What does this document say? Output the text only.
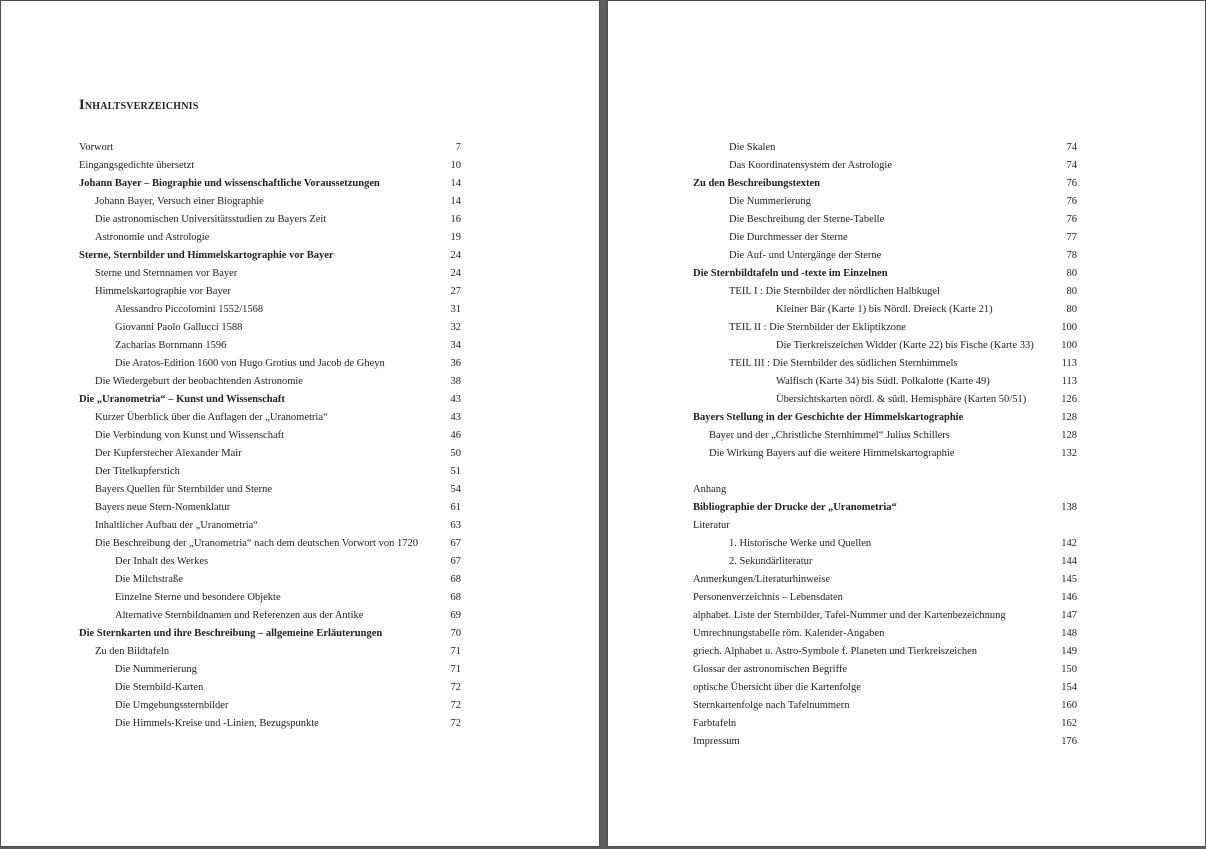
Inhaltsverzeichnis
Vorwort	7
Eingangsgedichte übersetzt	10
Johann Bayer – Biographie und wissenschaftliche Voraussetzungen	14
Johann Bayer, Versuch einer Biographie	14
Die astronomischen Universitätsstudien zu Bayers Zeit	16
Astronomie und Astrologie	19
Sterne, Sternbilder und Himmelskartographie vor Bayer	24
Sterne und Sternnamen vor Bayer	24
Himmelskartographie vor Bayer	27
Alessandro Piccolomini 1552/1568	31
Giovanni Paolo Gallucci 1588	32
Zacharias Bornmann 1596	34
Die Aratos-Edition 1600 von Hugo Grotius und Jacob de Gheyn	36
Die Wiedergeburt der beobachtenden Astronomie	38
Die „Uranometria“ – Kunst und Wissenschaft	43
Kurzer Überblick über die Auflagen der „Uranometria“	43
Die Verbindung von Kunst und Wissenschaft	46
Der Kupferstecher Alexander Mair	50
Der Titelkupferstich	51
Bayers Quellen für Sternbilder und Sterne	54
Bayers neue Stern-Nomenklatur	61
Inhaltlicher Aufbau der „Uranometria“	63
Die Beschreibung der „Uranometria“ nach dem deutschen Vorwort von 1720	67
Der Inhalt des Werkes	67
Die Milchstraße	68
Einzelne Sterne und besondere Objekte	68
Alternative Sternbildnamen und Referenzen aus der Antike	69
Die Sternkarten und ihre Beschreibung – allgemeine Erläuterungen	70
Zu den Bildtafeln	71
Die Nummerierung	71
Die Sternbild-Karten	72
Die Umgebungssternbilder	72
Die Himmels-Kreise und -Linien, Bezugspunkte	72
Die Skalen	74
Das Koordinatensystem der Astrologie	74
Zu den Beschreibungstexten	76
Die Nummerierung	76
Die Beschreibung der Sterne-Tabelle	76
Die Durchmesser der Sterne	77
Die Auf- und Untergänge der Sterne	78
Die Sternbildtafeln und -texte im Einzelnen	80
TEIL I : Die Sternbilder der nördlichen Halbkugel	80
Kleiner Bär (Karte 1) bis Nördl. Dreieck (Karte 21)	80
TEIL II : Die Sternbilder der Ekliptikzone	100
Die Tierkreiszeichen Widder (Karte 22) bis Fische (Karte 33)	100
TEIL III : Die Sternbilder des südlichen Sternhimmels	113
Walfisch (Karte 34) bis Südl. Polkalotte (Karte 49)	113
Übersichtskarten nördl. & südl. Hemisphäre (Karten 50/51)	126
Bayers Stellung in der Geschichte der Himmelskartographie	128
Bayer und der „Christliche Sternhimmel“ Julius Schillers	128
Die Wirkung Bayers auf die weitere Himmelskartographie	132
Anhang
Bibliographie der Drucke der „Uranometria“	138
Literatur
1. Historische Werke und Quellen	142
2. Sekundärliteratur	144
Anmerkungen/Literaturhinweise	145
Personenverzeichnis – Lebensdaten	146
alphabet. Liste der Sternbilder, Tafel-Nummer und der Kartenbezeichnung	147
Umrechnungstabelle röm. Kalender-Angaben	148
griech. Alphabet u. Astro-Symbole f. Planeten und Tierkreiszeichen	149
Glossar der astronomischen Begriffe	150
optische Übersicht über die Kartenfolge	154
Sternkartenfolge nach Tafelnummern	160
Farbtafeln	162
Impressum	176
